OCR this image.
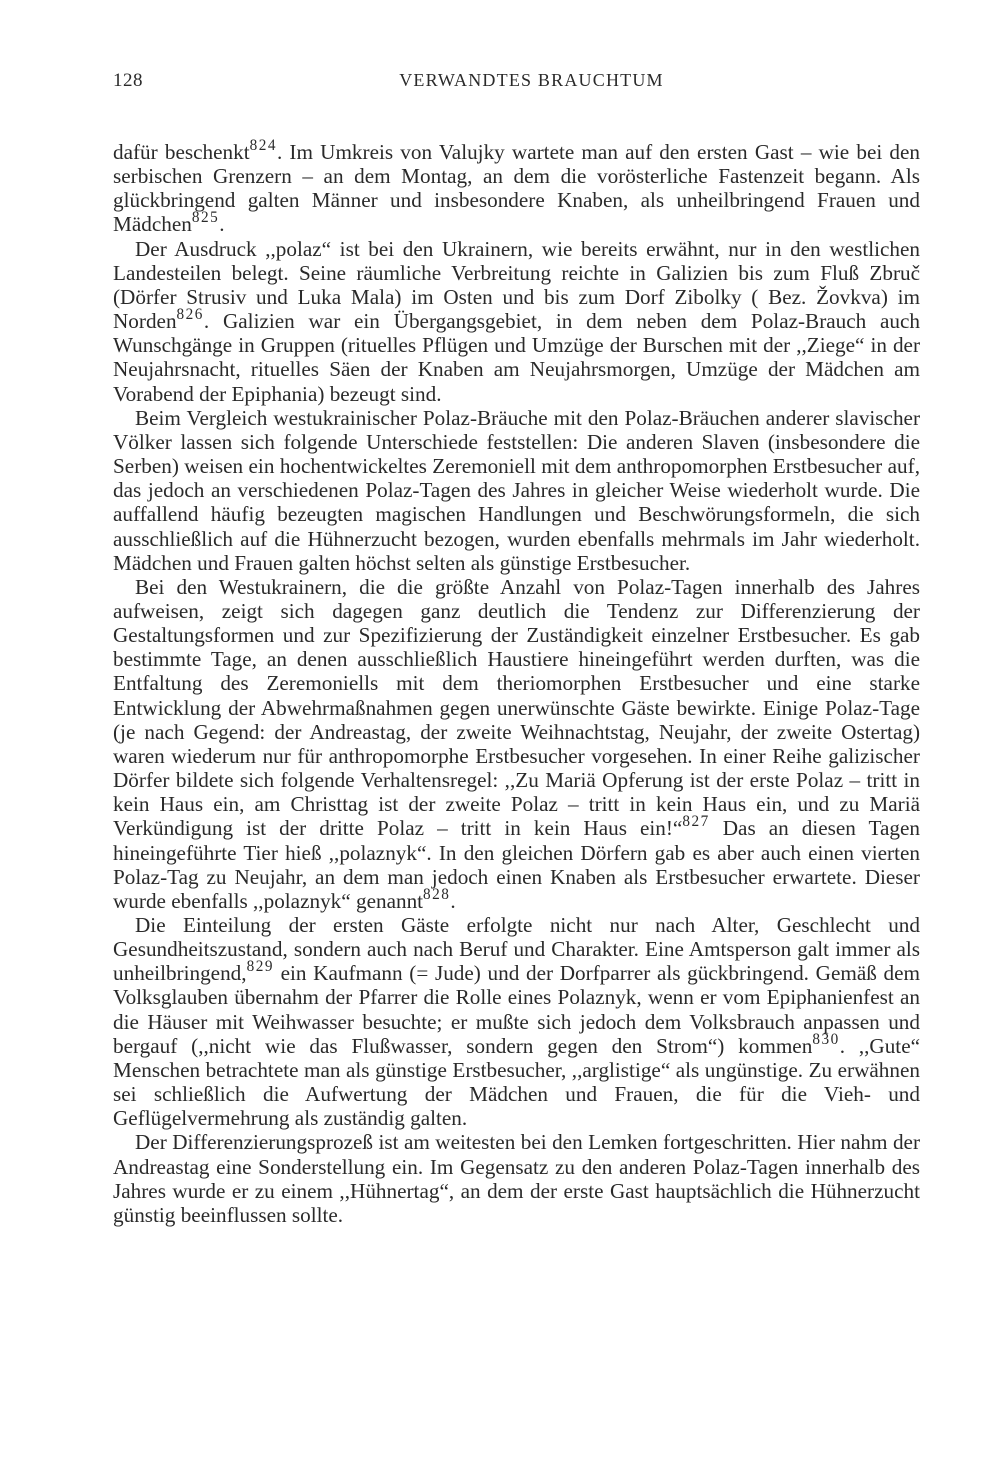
128	VERWANDTES BRAUCHTUM

dafür beschenkt$^{824}$. Im Umkreis von Valujky wartete man auf den ersten Gast – wie bei den serbischen Grenzern – an dem Montag, an dem die vorösterliche Fastenzeit begann. Als glückbringend galten Männer und insbesondere Knaben, als unheilbringend Frauen und Mädchen$^{825}$.

Der Ausdruck ,,polaz“ ist bei den Ukrainern, wie bereits erwähnt, nur in den westlichen Landesteilen belegt. Seine räumliche Verbreitung reichte in Galizien bis zum Fluß Zbruč (Dörfer Strusiv und Luka Mala) im Osten und bis zum Dorf Zibolky ( Bez. Žovkva) im Norden$^{826}$. Galizien war ein Übergangsgebiet, in dem neben dem Polaz-Brauch auch Wunschgänge in Gruppen (rituelles Pflügen und Umzüge der Burschen mit der ,,Ziege“ in der Neujahrsnacht, rituelles Säen der Knaben am Neujahrsmorgen, Umzüge der Mädchen am Vorabend der Epiphania) bezeugt sind.

Beim Vergleich westukrainischer Polaz-Bräuche mit den Polaz-Bräuchen anderer slavischer Völker lassen sich folgende Unterschiede feststellen: Die anderen Slaven (insbesondere die Serben) weisen ein hochentwickeltes Zeremoniell mit dem anthropomorphen Erstbesucher auf, das jedoch an verschiedenen Polaz-Tagen des Jahres in gleicher Weise wiederholt wurde. Die auffallend häufig bezeugten magischen Handlungen und Beschwörungsformeln, die sich ausschließlich auf die Hühnerzucht bezogen, wurden ebenfalls mehrmals im Jahr wiederholt. Mädchen und Frauen galten höchst selten als günstige Erstbesucher.

Bei den Westukrainern, die die größte Anzahl von Polaz-Tagen innerhalb des Jahres aufweisen, zeigt sich dagegen ganz deutlich die Tendenz zur Differenzierung der Gestaltungsformen und zur Spezifizierung der Zuständigkeit einzelner Erstbesucher. Es gab bestimmte Tage, an denen ausschließlich Haustiere hineingeführt werden durften, was die Entfaltung des Zeremoniells mit dem theriomorphen Erstbesucher und eine starke Entwicklung der Abwehrmaßnahmen gegen unerwünschte Gäste bewirkte. Einige Polaz-Tage (je nach Gegend: der Andreastag, der zweite Weihnachtstag, Neujahr, der zweite Ostertag) waren wiederum nur für anthropomorphe Erstbesucher vorgesehen. In einer Reihe galizischer Dörfer bildete sich folgende Verhaltensregel: ,,Zu Mariä Opferung ist der erste Polaz – tritt in kein Haus ein, am Christtag ist der zweite Polaz – tritt in kein Haus ein, und zu Mariä Verkündigung ist der dritte Polaz – tritt in kein Haus ein!“$^{827}$ Das an diesen Tagen hineingeführte Tier hieß ,,polaznyk“. In den gleichen Dörfern gab es aber auch einen vierten Polaz-Tag zu Neujahr, an dem man jedoch einen Knaben als Erstbesucher erwartete. Dieser wurde ebenfalls ,,polaznyk“ genannt$^{828}$.

Die Einteilung der ersten Gäste erfolgte nicht nur nach Alter, Geschlecht und Gesundheitszustand, sondern auch nach Beruf und Charakter. Eine Amtsperson galt immer als unheilbringend,$^{829}$ ein Kaufmann (= Jude) und der Dorfparrer als gückbringend. Gemäß dem Volksglauben übernahm der Pfarrer die Rolle eines Polaznyk, wenn er vom Epiphanienfest an die Häuser mit Weihwasser besuchte; er mußte sich jedoch dem Volksbrauch anpassen und bergauf (,,nicht wie das Flußwasser, sondern gegen den Strom“) kommen$^{830}$. ,,Gute“ Menschen betrachtete man als günstige Erstbesucher, ,,arglistige“ als ungünstige. Zu erwähnen sei schließlich die Aufwertung der Mädchen und Frauen, die für die Vieh- und Geflügelvermehrung als zuständig galten.

Der Differenzierungsprozeß ist am weitesten bei den Lemken fortgeschritten. Hier nahm der Andreastag eine Sonderstellung ein. Im Gegensatz zu den anderen Polaz-Tagen innerhalb des Jahres wurde er zu einem ,,Hühnertag“, an dem der erste Gast hauptsächlich die Hühnerzucht günstig beeinflussen sollte.
